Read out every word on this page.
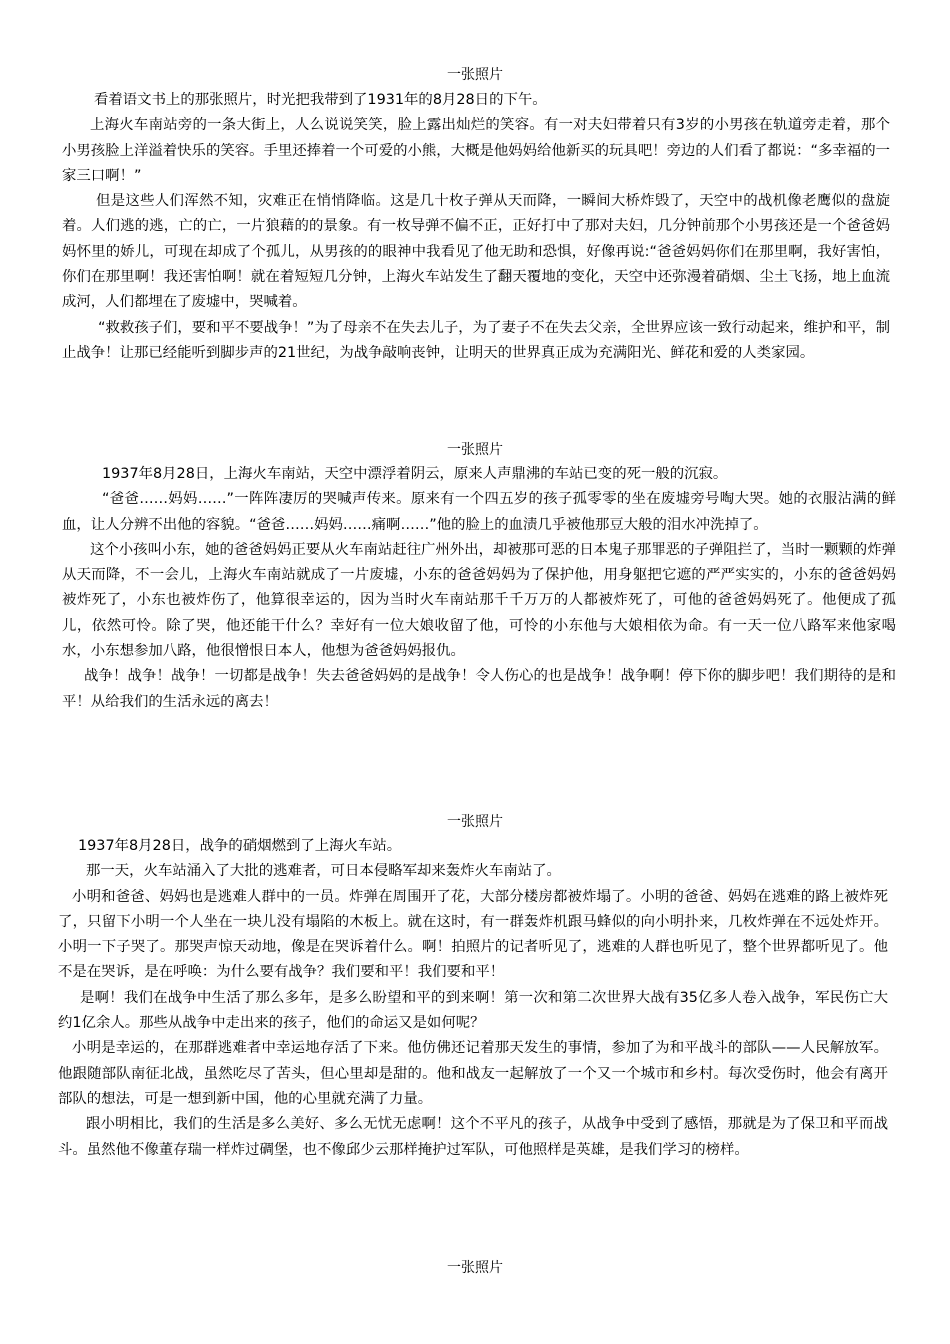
一张照片

看着语文书上的那张照片，时光把我带到了1931年的8月28日的下午。

上海火车南站旁的一条大街上，人么说说笑笑，脸上露出灿烂的笑容。有一对夫妇带着只有3岁的小男孩在轨道旁走着，那个小男孩脸上洋溢着快乐的笑容。手里还捧着一个可爱的小熊，大概是他妈妈给他新买的玩具吧！旁边的人们看了都说：“多幸福的一家三口啊！”

但是这些人们浑然不知，灾难正在悄悄降临。这是几十枚子弹从天而降，一瞬间大桥炸毁了，天空中的战机像老鹰似的盘旋着。人们逃的逃，亡的亡，一片狼藉的的景象。有一枚导弹不偏不正，正好打中了那对夫妇，几分钟前那个小男孩还是一个爸爸妈妈怀里的娇儿，可现在却成了个孤儿，从男孩的的眼神中我看见了他无助和恐惧，好像再说:“爸爸妈妈你们在那里啊，我好害怕，你们在那里啊！我还害怕啊！就在着短短几分钟，上海火车站发生了翻天覆地的变化，天空中还弥漫着硝烟、尘土飞扬，地上血流成河，人们都埋在了废墟中，哭喊着。

“救救孩子们，要和平不要战争！”为了母亲不在失去儿子，为了妻子不在失去父亲，全世界应该一致行动起来，维护和平，制止战争！让那已经能听到脚步声的21世纪，为战争敲响丧钟，让明天的世界真正成为充满阳光、鲜花和爱的人类家园。

一张照片

1937年8月28日，上海火车南站，天空中漂浮着阴云，原来人声鼎沸的车站已变的死一般的沉寂。

“爸爸……妈妈……”一阵阵凄厉的哭喊声传来。原来有一个四五岁的孩子孤零零的坐在废墟旁号啕大哭。她的衣服沾满的鲜血，让人分辨不出他的容貌。“爸爸……妈妈……痛啊……”他的脸上的血渍几乎被他那豆大般的泪水冲洗掉了。

这个小孩叫小东，她的爸爸妈妈正要从火车南站赶往广州外出，却被那可恶的日本鬼子那罪恶的子弹阻拦了，当时一颗颗的炸弹从天而降，不一会儿，上海火车南站就成了一片废墟，小东的爸爸妈妈为了保护他，用身躯把它遮的严严实实的，小东的爸爸妈妈被炸死了，小东也被炸伤了，他算很幸运的，因为当时火车南站那千千万万的人都被炸死了，可他的爸爸妈妈死了。他便成了孤儿，依然可怜。除了哭，他还能干什么？幸好有一位大娘收留了他，可怜的小东他与大娘相依为命。有一天一位八路军来他家喝水，小东想参加八路，他很憎恨日本人，他想为爸爸妈妈报仇。

战争！战争！战争！一切都是战争！失去爸爸妈妈的是战争！令人伤心的也是战争！战争啊！停下你的脚步吧！我们期待的是和平！从给我们的生活永远的离去！

一张照片

1937年8月28日，战争的硝烟燃到了上海火车站。

那一天，火车站涌入了大批的逃难者，可日本侵略军却来轰炸火车南站了。

小明和爸爸、妈妈也是逃难人群中的一员。炸弹在周围开了花，大部分楼房都被炸塌了。小明的爸爸、妈妈在逃难的路上被炸死了，只留下小明一个人坐在一块儿没有塌陷的木板上。就在这时，有一群轰炸机跟马蜂似的向小明扑来，几枚炸弹在不远处炸开。小明一下子哭了。那哭声惊天动地，像是在哭诉着什么。啊！拍照片的记者听见了，逃难的人群也听见了，整个世界都听见了。他不是在哭诉，是在呼唤：为什么要有战争？我们要和平！我们要和平！

是啊！我们在战争中生活了那么多年，是多么盼望和平的到来啊！第一次和第二次世界大战有35亿多人卷入战争，军民伤亡大约1亿余人。那些从战争中走出来的孩子，他们的命运又是如何呢？

小明是幸运的，在那群逃难者中幸运地存活了下来。他仿佛还记着那天发生的事情，参加了为和平战斗的部队——人民解放军。他跟随部队南征北战，虽然吃尽了苦头，但心里却是甜的。他和战友一起解放了一个又一个城市和乡村。每次受伤时，他会有离开部队的想法，可是一想到新中国，他的心里就充满了力量。

跟小明相比，我们的生活是多么美好、多么无忧无虑啊！这个不平凡的孩子，从战争中受到了感悟，那就是为了保卫和平而战斗。虽然他不像董存瑞一样炸过碉堡，也不像邱少云那样掩护过军队，可他照样是英雄，是我们学习的榜样。

一张照片
